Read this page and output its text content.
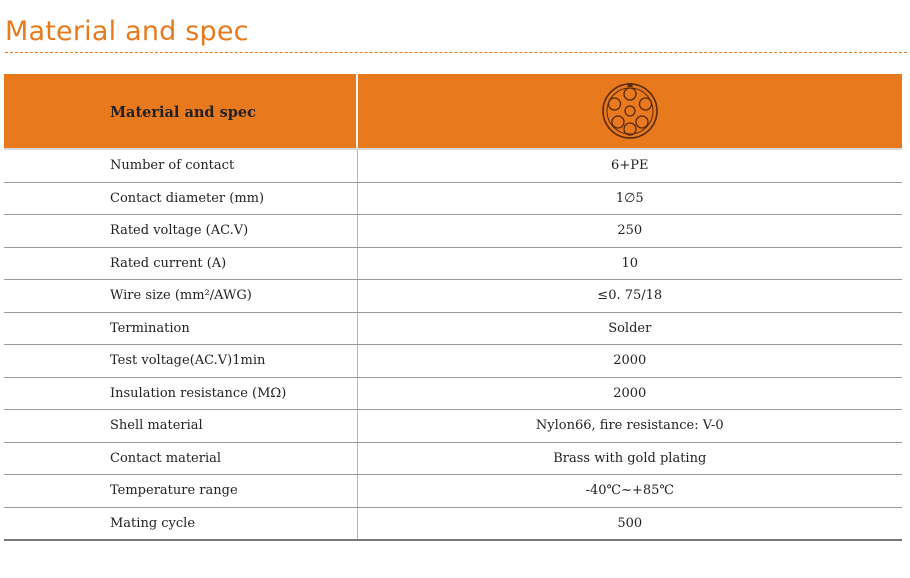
Material and spec
Material and spec	
Number of contact	6+PE
Contact diameter (mm)	1∅5
Rated voltage (AC.V)	250
Rated current (A)	10
Wire size (mm²/AWG)	≤0. 75/18
Termination	Solder
Test voltage(AC.V)1min	2000
Insulation resistance (MΩ)	2000
Shell material	Nylon66, fire resistance: V-0
Contact material	Brass with gold plating
Temperature range	-40℃~+85℃
Mating cycle	500
